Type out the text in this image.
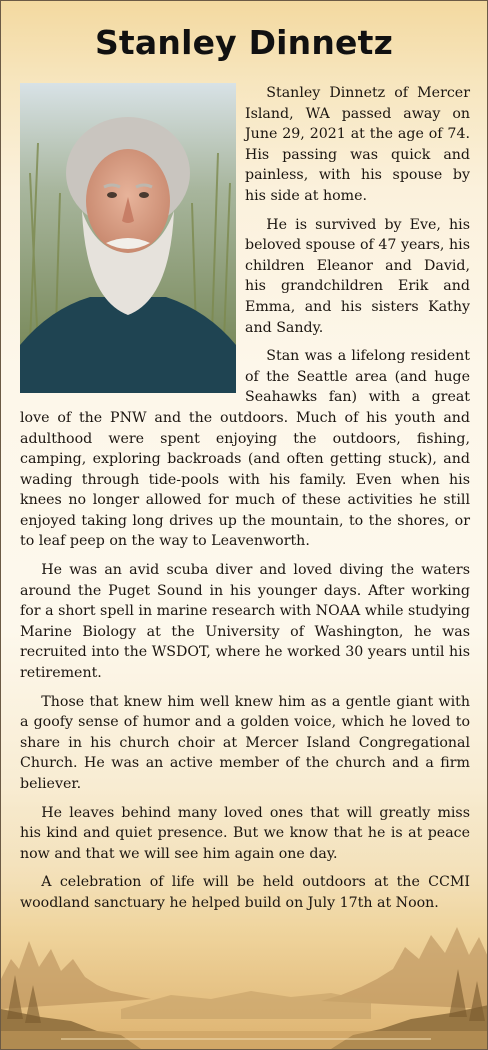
Stanley Dinnetz

Stanley Dinnetz of Mercer Island, WA passed away on June 29, 2021 at the age of 74. His passing was quick and painless, with his spouse by his side at home.

He is survived by Eve, his beloved spouse of 47 years, his children Eleanor and David, his grandchildren Erik and Emma, and his sisters Kathy and Sandy.

Stan was a lifelong resident of the Seattle area (and huge Seahawks fan) with a great love of the PNW and the outdoors. Much of his youth and adulthood were spent enjoying the outdoors, fishing, camping, exploring backroads (and often getting stuck), and wading through tide-pools with his family. Even when his knees no longer allowed for much of these activities he still enjoyed taking long drives up the mountain, to the shores, or to leaf peep on the way to Leavenworth.

He was an avid scuba diver and loved diving the waters around the Puget Sound in his younger days. After working for a short spell in marine research with NOAA while studying Marine Biology at the University of Washington, he was recruited into the WSDOT, where he worked 30 years until his retirement.

Those that knew him well knew him as a gentle giant with a goofy sense of humor and a golden voice, which he loved to share in his church choir at Mercer Island Congregational Church. He was an active member of the church and a firm believer.

He leaves behind many loved ones that will greatly miss his kind and quiet presence. But we know that he is at peace now and that we will see him again one day.

A celebration of life will be held outdoors at the CCMI woodland sanctuary he helped build on July 17th at Noon.
